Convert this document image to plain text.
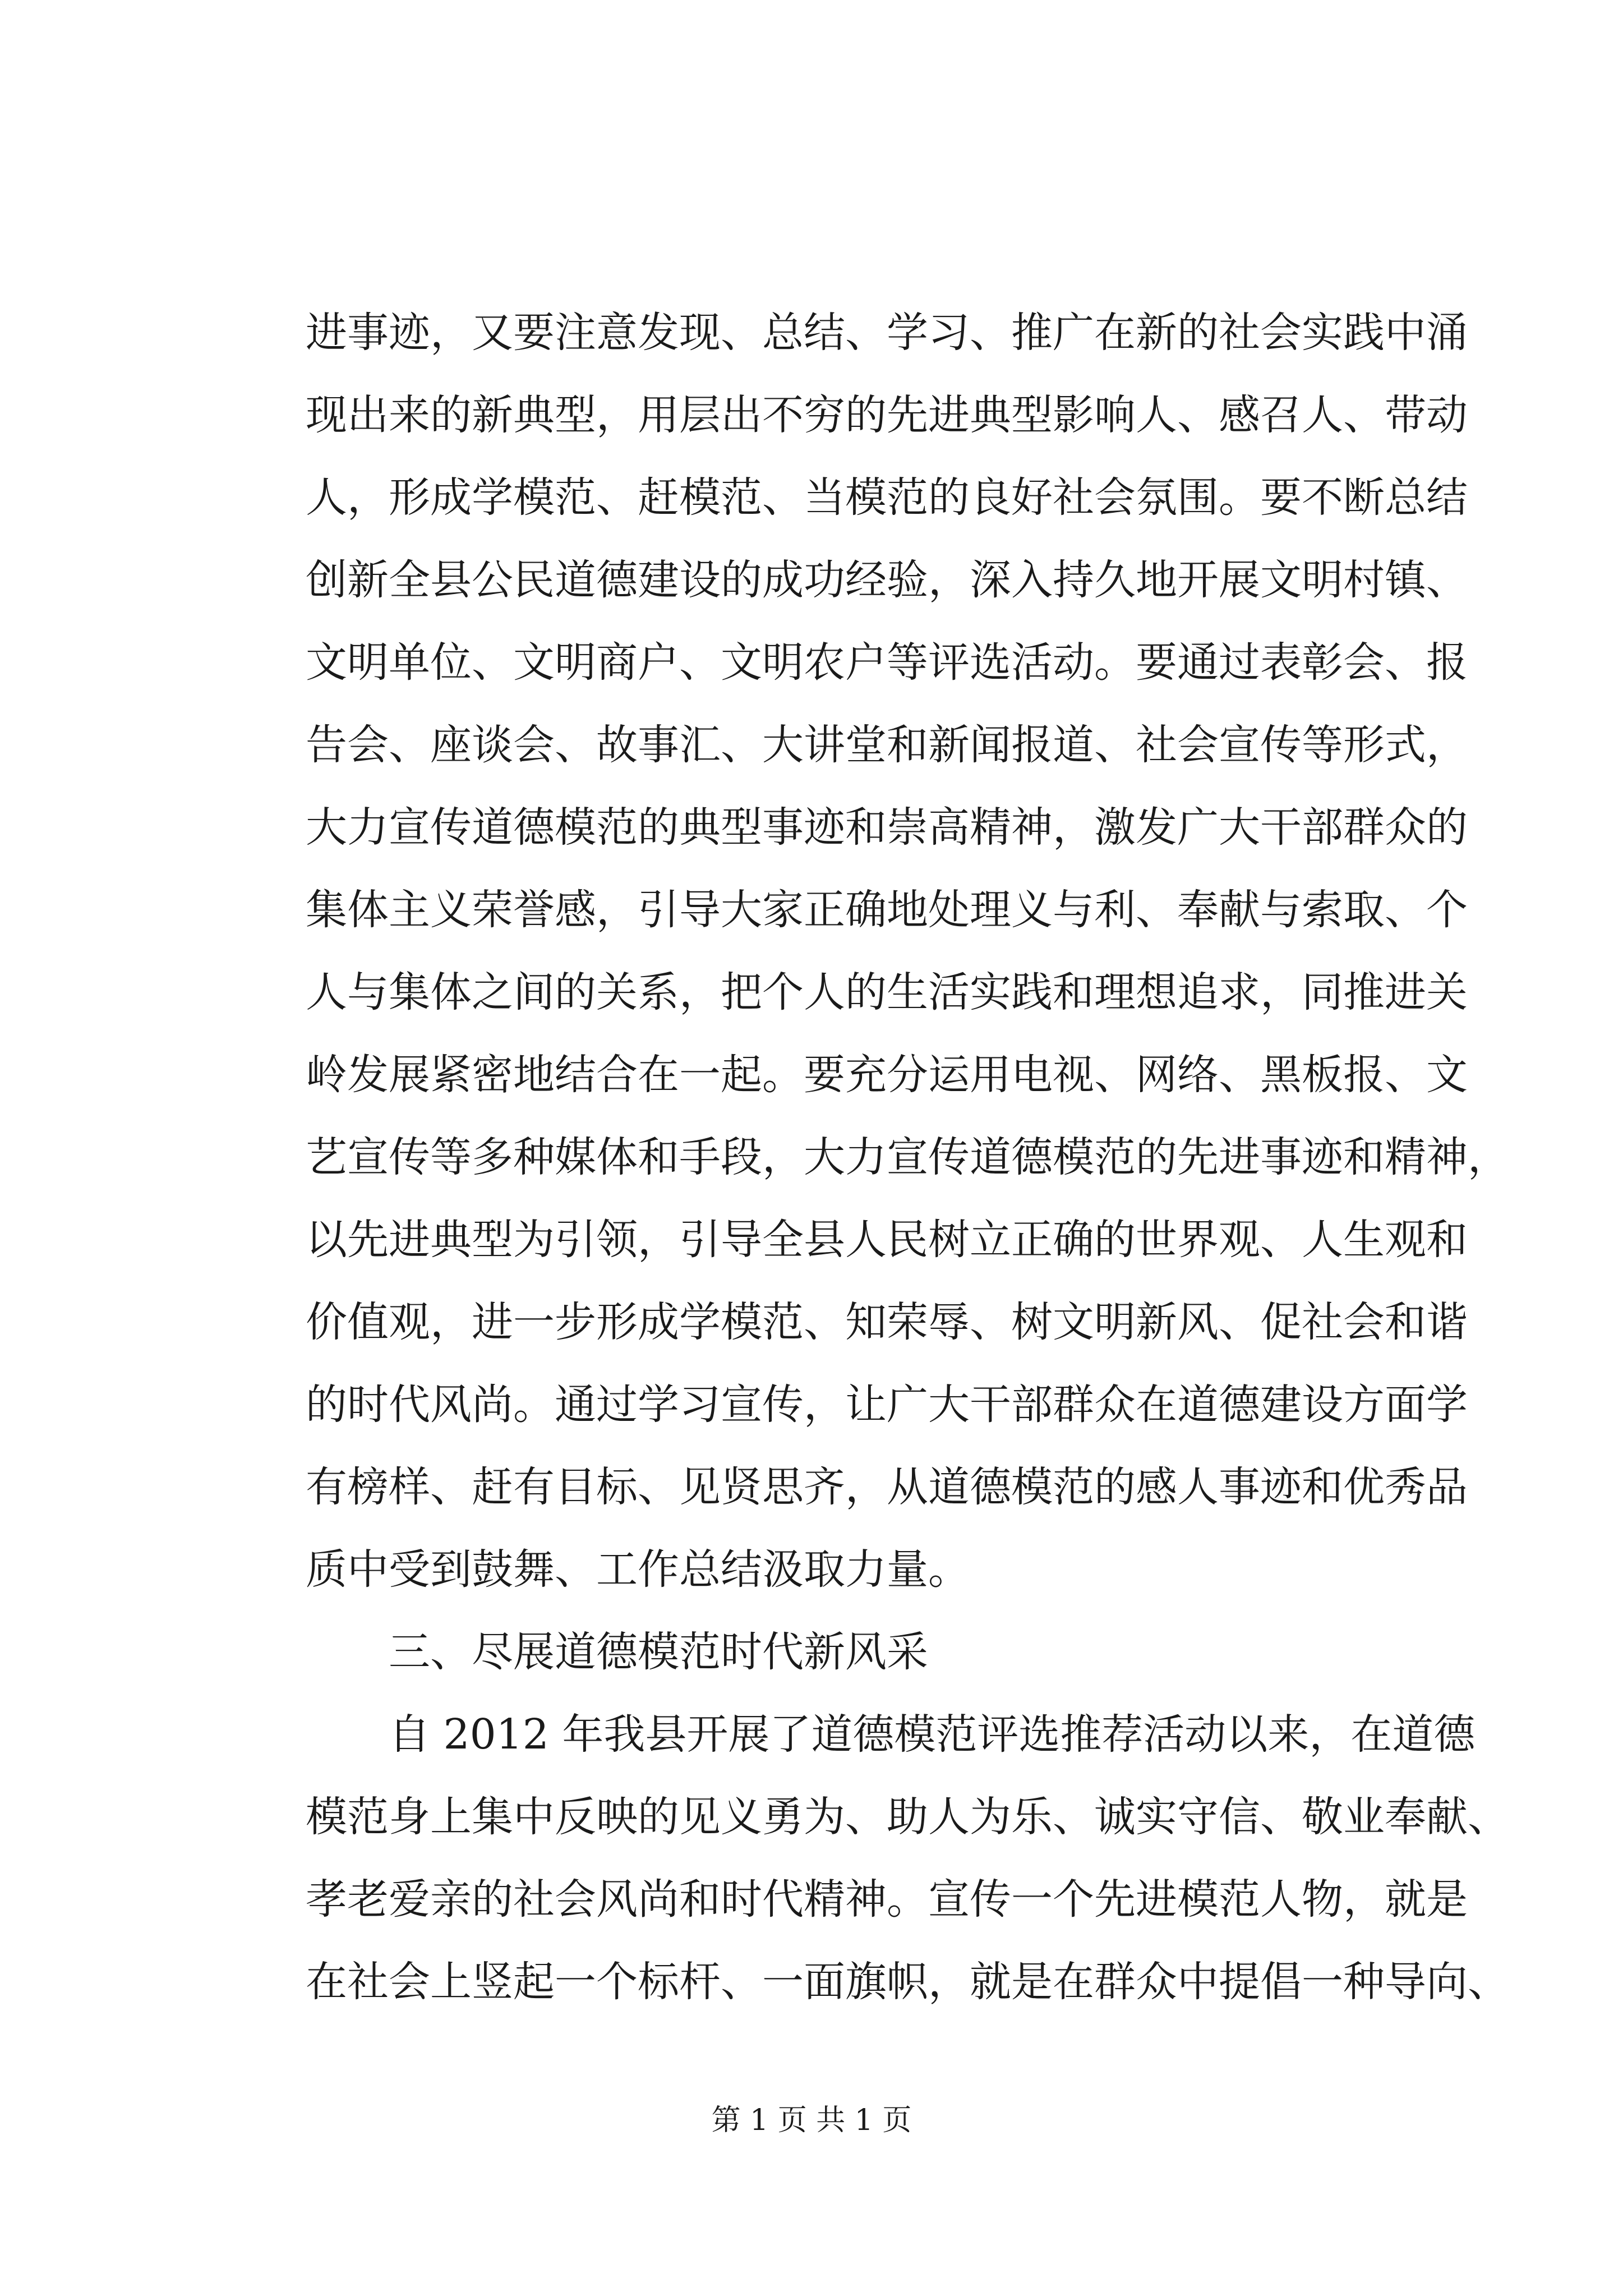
进事迹，又要注意发现、总结、学习、推广在新的社会实践中涌
现出来的新典型，用层出不穷的先进典型影响人、感召人、带动
人，形成学模范、赶模范、当模范的良好社会氛围。要不断总结
创新全县公民道德建设的成功经验，深入持久地开展文明村镇、
文明单位、文明商户、文明农户等评选活动。要通过表彰会、报
告会、座谈会、故事汇、大讲堂和新闻报道、社会宣传等形式，
大力宣传道德模范的典型事迹和崇高精神，激发广大干部群众的
集体主义荣誉感，引导大家正确地处理义与利、奉献与索取、个
人与集体之间的关系，把个人的生活实践和理想追求，同推进关
岭发展紧密地结合在一起。要充分运用电视、网络、黑板报、文
艺宣传等多种媒体和手段，大力宣传道德模范的先进事迹和精神，
以先进典型为引领，引导全县人民树立正确的世界观、人生观和
价值观，进一步形成学模范、知荣辱、树文明新风、促社会和谐
的时代风尚。通过学习宣传，让广大干部群众在道德建设方面学
有榜样、赶有目标、见贤思齐，从道德模范的感人事迹和优秀品
质中受到鼓舞、工作总结汲取力量。
　　三、尽展道德模范时代新风采
　　自 2012 年我县开展了道德模范评选推荐活动以来，在道德
模范身上集中反映的见义勇为、助人为乐、诚实守信、敬业奉献、
孝老爱亲的社会风尚和时代精神。宣传一个先进模范人物，就是
在社会上竖起一个标杆、一面旗帜，就是在群众中提倡一种导向、
第 1 页 共 1 页
